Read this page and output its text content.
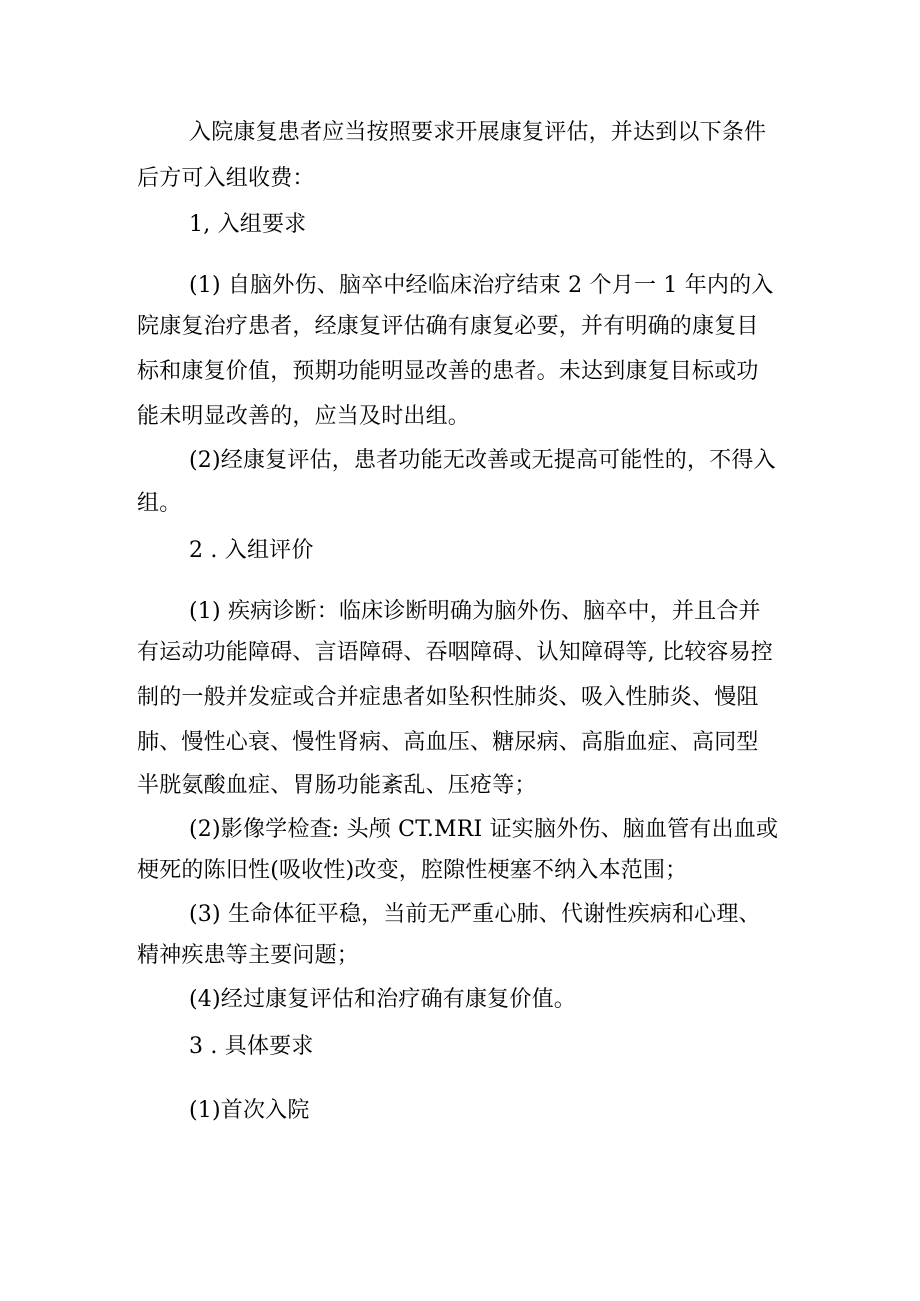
入院康复患者应当按照要求开展康复评估，并达到以下条件
后方可入组收费：
1, 入组要求
(1) 自脑外伤、脑卒中经临床治疗结束 2 个月一 1 年内的入
院康复治疗患者，经康复评估确有康复必要，并有明确的康复目
标和康复价值，预期功能明显改善的患者。未达到康复目标或功
能未明显改善的，应当及时出组。
(2)经康复评估，患者功能无改善或无提高可能性的，不得入
组。
2 . 入组评价
(1) 疾病诊断：临床诊断明确为脑外伤、脑卒中，并且合并
有运动功能障碍、言语障碍、吞咽障碍、认知障碍等, 比较容易控
制的一般并发症或合并症患者如坠积性肺炎、吸入性肺炎、慢阻
肺、慢性心衰、慢性肾病、高血压、糖尿病、高脂血症、高同型
半胱氨酸血症、胃肠功能紊乱、压疮等；
(2)影像学检查: 头颅 CT.MRI 证实脑外伤、脑血管有出血或
梗死的陈旧性(吸收性)改变，腔隙性梗塞不纳入本范围；
(3) 生命体征平稳，当前无严重心肺、代谢性疾病和心理、
精神疾患等主要问题；
(4)经过康复评估和治疗确有康复价值。
3 . 具体要求
(1)首次入院
